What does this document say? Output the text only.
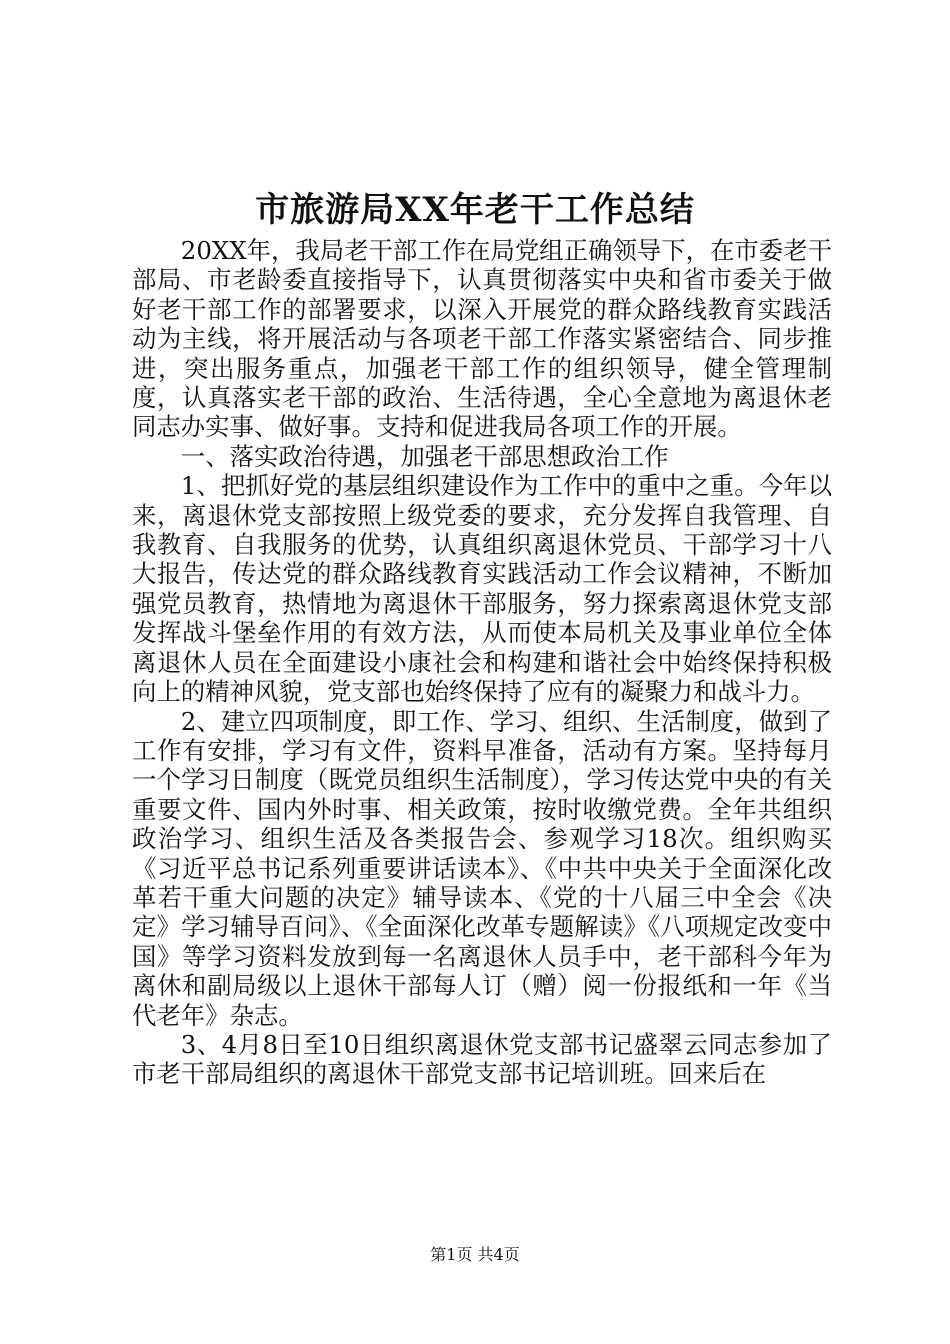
市旅游局XX年老干工作总结

20XX年，我局老干部工作在局党组正确领导下，在市委老干部局、市老龄委直接指导下，认真贯彻落实中央和省市委关于做好老干部工作的部署要求，以深入开展党的群众路线教育实践活动为主线，将开展活动与各项老干部工作落实紧密结合、同步推进，突出服务重点，加强老干部工作的组织领导，健全管理制度，认真落实老干部的政治、生活待遇，全心全意地为离退休老同志办实事、做好事。支持和促进我局各项工作的开展。

一、落实政治待遇，加强老干部思想政治工作

1、把抓好党的基层组织建设作为工作中的重中之重。今年以来，离退休党支部按照上级党委的要求，充分发挥自我管理、自我教育、自我服务的优势，认真组织离退休党员、干部学习十八大报告，传达党的群众路线教育实践活动工作会议精神，不断加强党员教育，热情地为离退休干部服务，努力探索离退休党支部发挥战斗堡垒作用的有效方法，从而使本局机关及事业单位全体离退休人员在全面建设小康社会和构建和谐社会中始终保持积极向上的精神风貌，党支部也始终保持了应有的凝聚力和战斗力。

2、建立四项制度，即工作、学习、组织、生活制度，做到了工作有安排，学习有文件，资料早准备，活动有方案。坚持每月一个学习日制度（既党员组织生活制度），学习传达党中央的有关重要文件、国内外时事、相关政策，按时收缴党费。全年共组织政治学习、组织生活及各类报告会、参观学习18次。组织购买《习近平总书记系列重要讲话读本》、《中共中央关于全面深化改革若干重大问题的决定》辅导读本、《党的十八届三中全会《决定》学习辅导百问》、《全面深化改革专题解读》《八项规定改变中国》等学习资料发放到每一名离退休人员手中，老干部科今年为离休和副局级以上退休干部每人订（赠）阅一份报纸和一年《当代老年》杂志。

3、4月8日至10日组织离退休党支部书记盛翠云同志参加了市老干部局组织的离退休干部党支部书记培训班。回来后在

第1页 共4页
